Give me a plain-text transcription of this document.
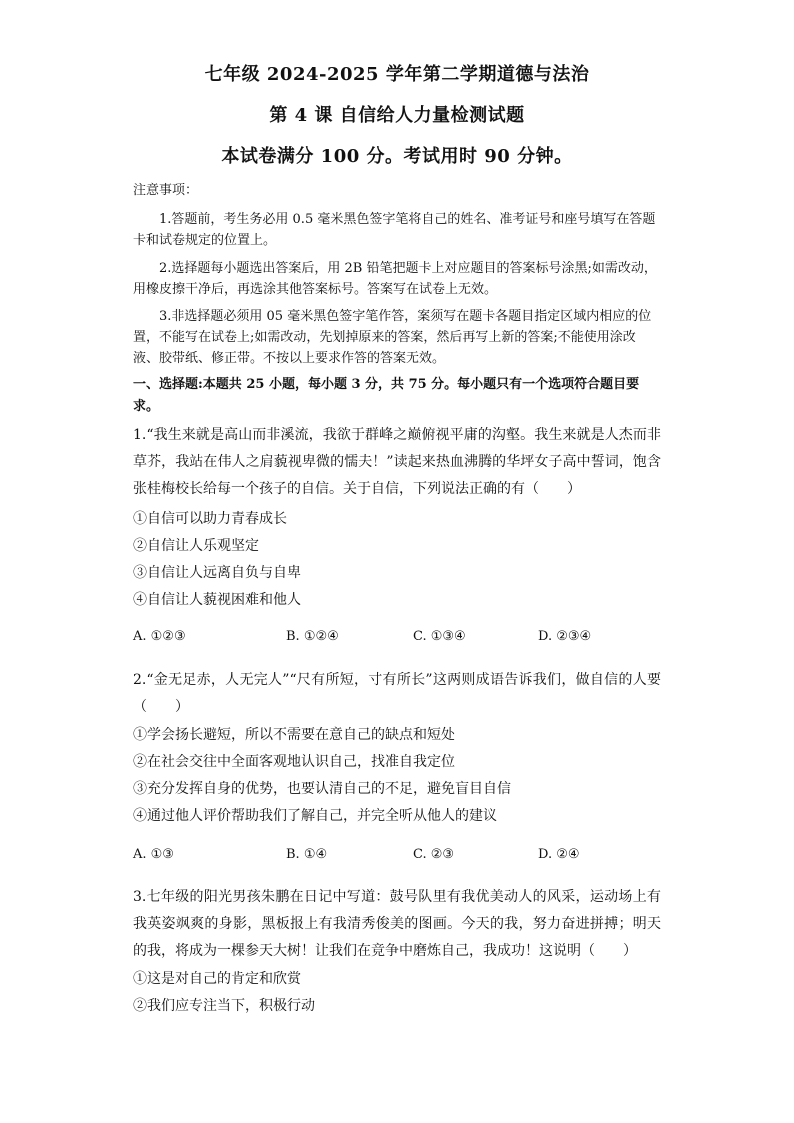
七年级 2024-2025 学年第二学期道德与法治
第 4 课 自信给人力量检测试题
本试卷满分 100 分。考试用时 90 分钟。
注意事项：
1.答题前，考生务必用 0.5 毫米黑色签字笔将自己的姓名、准考证号和座号填写在答题卡和试卷规定的位置上。
2.选择题每小题选出答案后，用 2B 铅笔把题卡上对应题目的答案标号涂黑;如需改动，用橡皮擦干净后，再选涂其他答案标号。答案写在试卷上无效。
3.非选择题必须用 05 毫米黑色签字笔作答，案须写在题卡各题目指定区域内相应的位置，不能写在试卷上;如需改动，先划掉原来的答案，然后再写上新的答案;不能使用涂改液、胶带纸、修正带。不按以上要求作答的答案无效。
一、选择题:本题共 25 小题，每小题 3 分，共 75 分。每小题只有一个选项符合题目要求。
1.“我生来就是高山而非溪流，我欲于群峰之巅俯视平庸的沟壑。我生来就是人杰而非草芥，我站在伟人之肩藐视卑微的懦夫！”读起来热血沸腾的华坪女子高中誓词，饱含张桂梅校长给每一个孩子的自信。关于自信，下列说法正确的有（　　）
①自信可以助力青春成长
②自信让人乐观坚定
③自信让人远离自负与自卑
④自信让人藐视困难和他人
A. ①②③	B. ①②④	C. ①③④	D. ②③④
2.“金无足赤，人无完人”“尺有所短，寸有所长”这两则成语告诉我们，做自信的人要（　　）
①学会扬长避短，所以不需要在意自己的缺点和短处
②在社会交往中全面客观地认识自己，找准自我定位
③充分发挥自身的优势，也要认清自己的不足，避免盲目自信
④通过他人评价帮助我们了解自己，并完全听从他人的建议
A. ①③	B. ①④	C. ②③	D. ②④
3.七年级的阳光男孩朱鹏在日记中写道：鼓号队里有我优美动人的风采，运动场上有我英姿飒爽的身影，黑板报上有我清秀俊美的图画。今天的我，努力奋进拼搏；明天的我，将成为一棵参天大树！让我们在竞争中磨炼自己，我成功！这说明（　　）
①这是对自己的肯定和欣赏
②我们应专注当下，积极行动
